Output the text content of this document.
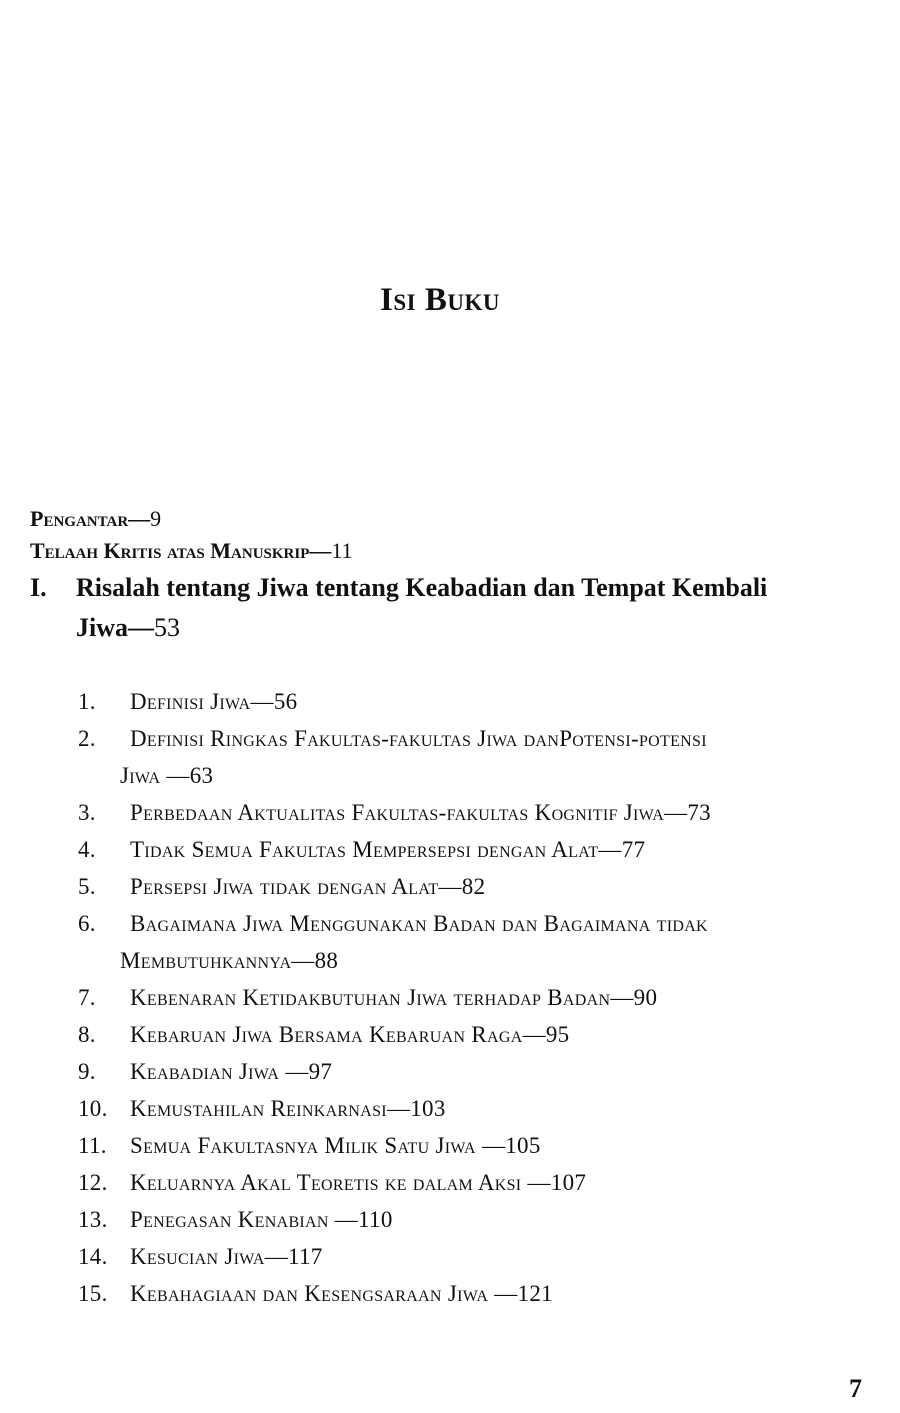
Isi Buku
Pengantar—9
Telaah Kritis atas Manuskrip—11
I.	Risalah tentang Jiwa tentang Keabadian dan Tempat Kembali
Jiwa—53
1. Definisi Jiwa—56
2. Definisi Ringkas Fakultas-fakultas Jiwa danPotensi-potensi
Jiwa —63
3. Perbedaan Aktualitas Fakultas-fakultas Kognitif Jiwa—73
4. Tidak Semua Fakultas Mempersepsi dengan Alat—77
5. Persepsi Jiwa tidak dengan Alat—82
6. Bagaimana Jiwa Menggunakan Badan dan Bagaimana tidak
Membutuhkannya—88
7. Kebenaran Ketidakbutuhan Jiwa terhadap Badan—90
8. Kebaruan Jiwa Bersama Kebaruan Raga—95
9. Keabadian Jiwa —97
10. Kemustahilan Reinkarnasi—103
11. Semua Fakultasnya Milik Satu Jiwa —105
12. Keluarnya Akal Teoretis ke dalam Aksi —107
13. Penegasan Kenabian —110
14. Kesucian Jiwa—117
15. Kebahagiaan dan Kesengsaraan Jiwa —121
7
